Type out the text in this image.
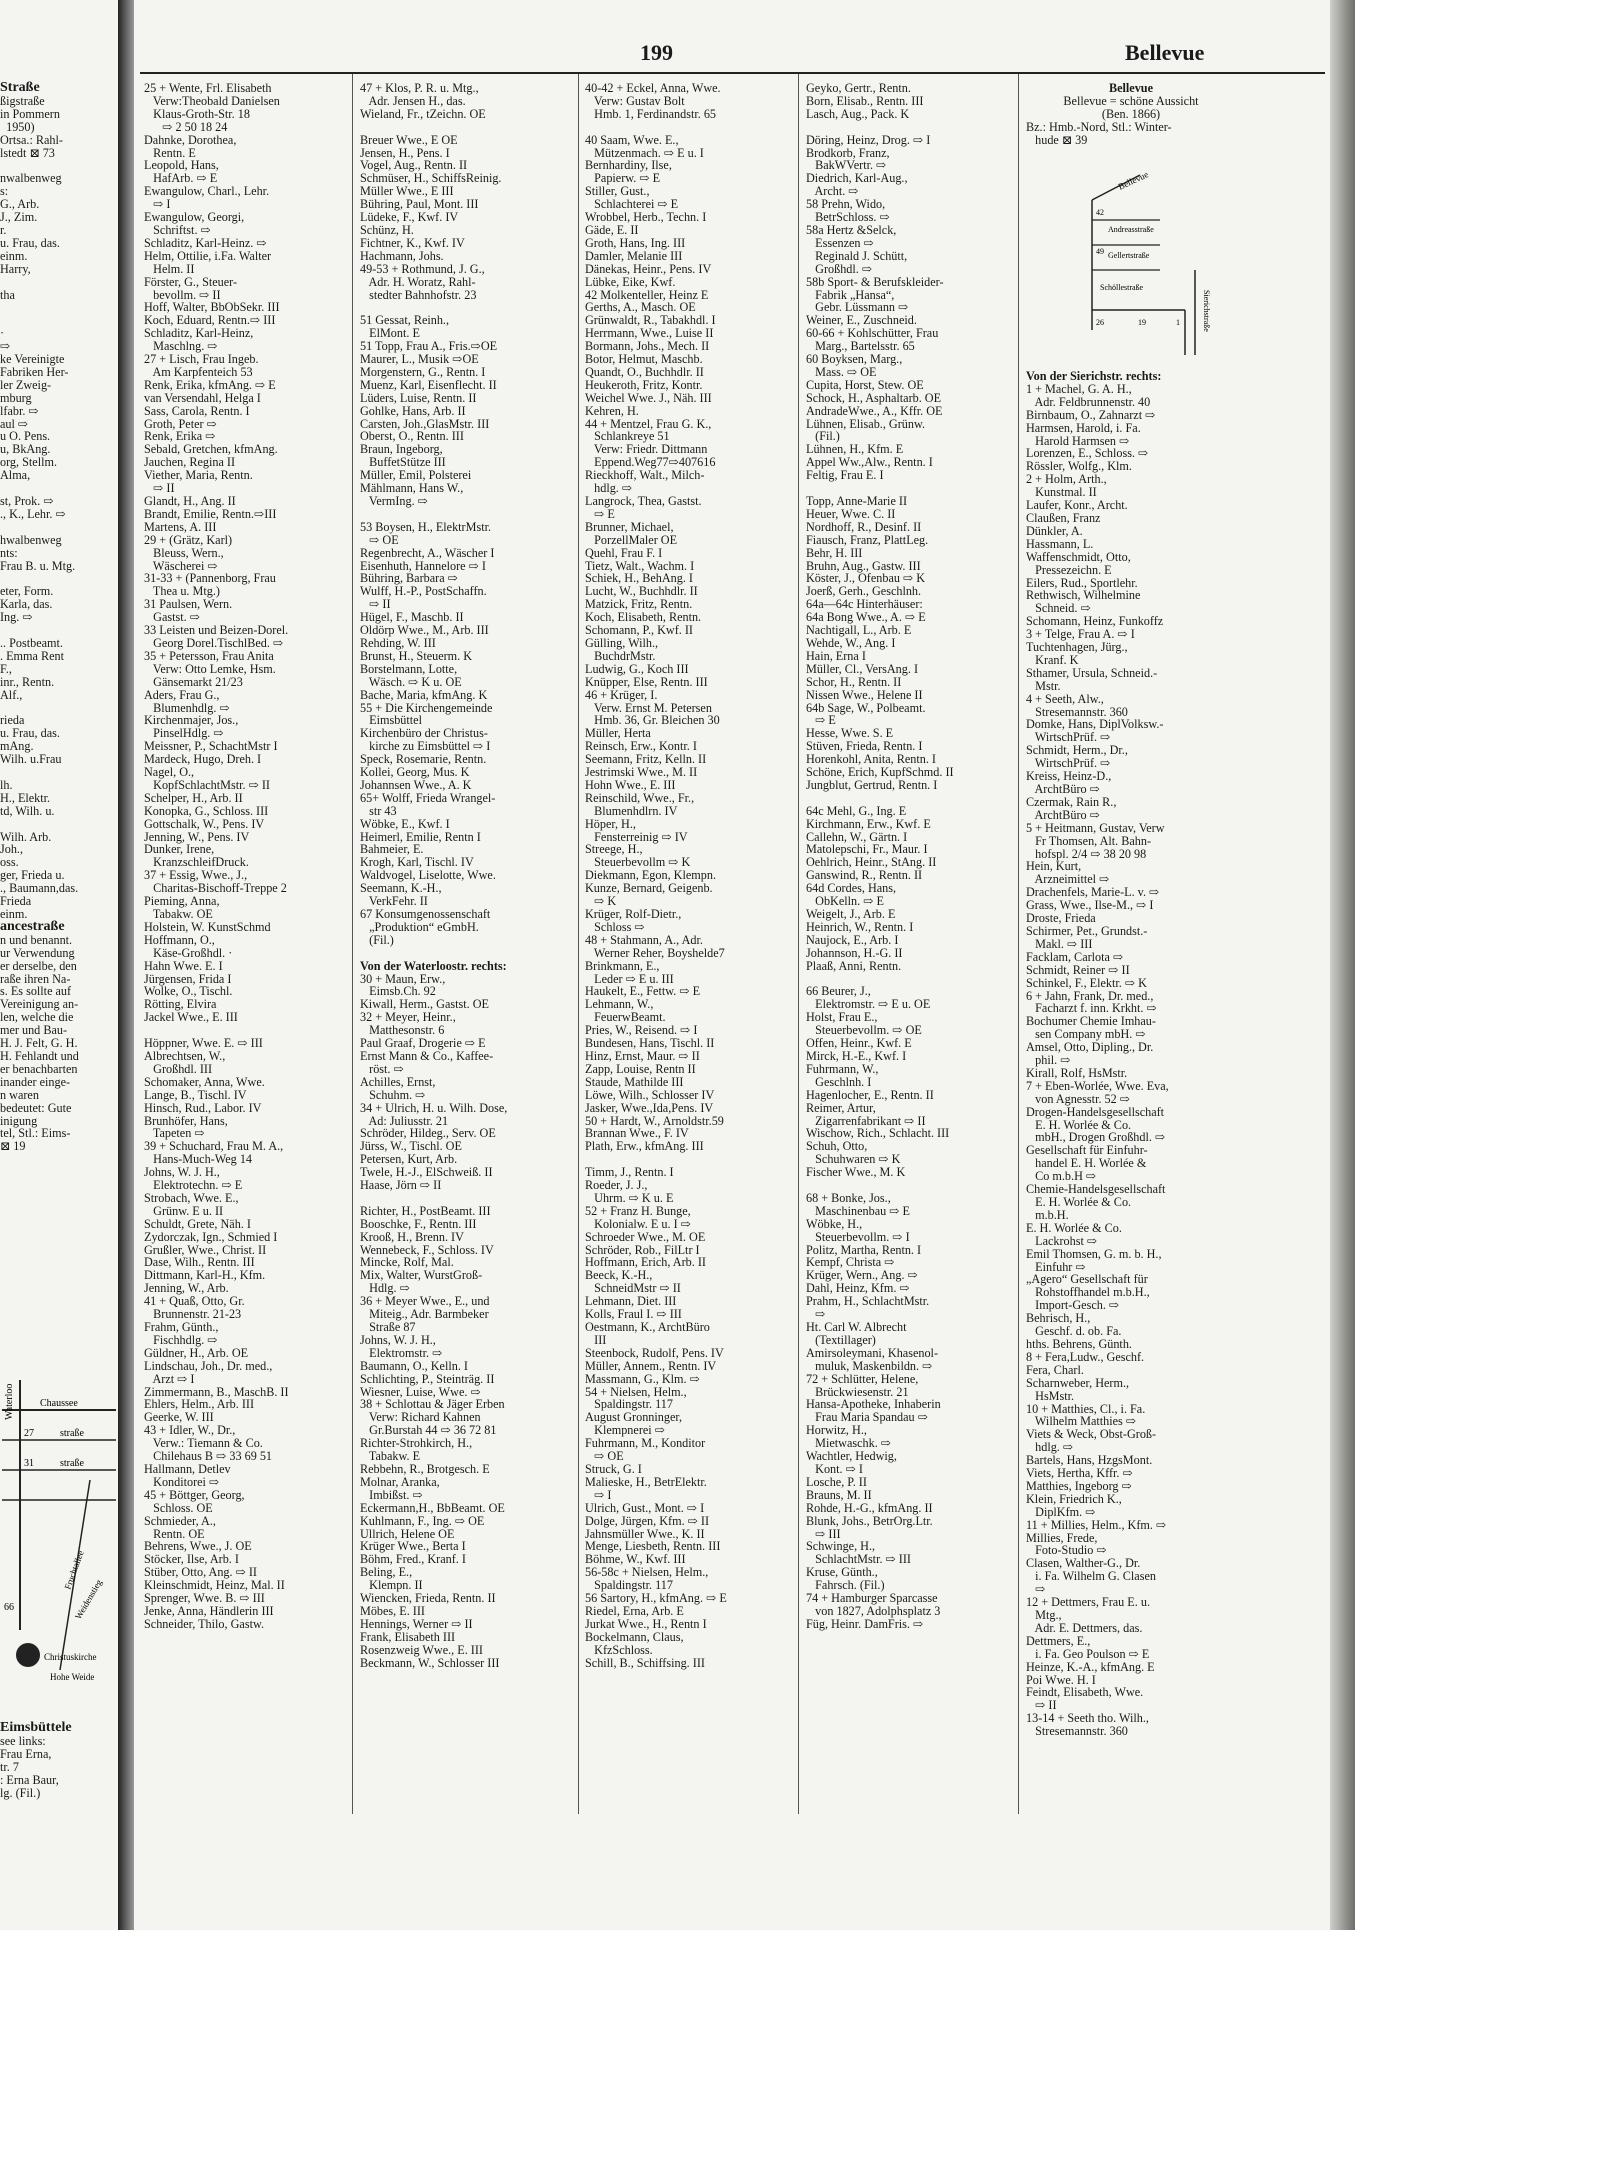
199	Bellevue
Straße
ßigstraße
in Pommern
1950)
Ortsa.: Rahl-
lstedt ⊠ 73

nwalbenweg
s:
G., Arb.
J., Zim.
r.
u. Frau, das.
einm.
Harry,

tha

·
⇨
ke Vereinigte
Fabriken Her-
ler Zweig-
mburg
lfabr. ⇨
aul ⇨
u O. Pens.
u, BkAng.
org, Stellm.
Alma,

st, Prok. ⇨
., K., Lehr. ⇨

hwalbenweg
nts:
Frau B. u. Mtg.

eter, Form.
Karla, das.
Ing. ⇨

.. Postbeamt.
. Emma Rent
F.,
inr., Rentn.
Alf.,

rieda
u. Frau, das.
mAng.
Wilh. u.Frau

lh.
H., Elektr.
td, Wilh. u.

Wilh. Arb.
Joh.,
oss.
ger, Frieda u.
., Baumann,das.
Frieda
einm.
ancestraße
n und benannt.
ur Verwendung
er derselbe, den
raße ihren Na-
s. Es sollte auf
Vereinigung an-
len, welche die
mer und Bau-
H. J. Felt, G. H.
H. Fehlandt und
er benachbarten
inander einge-
n waren
bedeutet: Gute
inigung
tel, Stl.: Eims-
⊠ 19
Waterloo	Chaussee
27	straße
31	straße
66
Fruchtallee
Weidenstieg
Christuskirche
Hohe Weide
Eimsbüttele
see links:
Frau Erna,
tr. 7
: Erna Baur,
lg. (Fil.)
25 + Wente, Frl. Elisabeth
Verw:Theobald Danielsen
Klaus-Groth-Str. 18
⇨ 2 50 18 24
Dahnke, Dorothea,
Rentn. E
Leopold, Hans,
HafArb. ⇨ E
Ewangulow, Charl., Lehr.
⇨ I
Ewangulow, Georgi,
Schriftst. ⇨
Schladitz, Karl-Heinz. ⇨
Helm, Ottilie, i.Fa. Walter
Helm. II
Förster, G., Steuer-
bevollm. ⇨ II
Hoff, Walter, BbObSekr. III
Koch, Eduard, Rentn.⇨ III
Schladitz, Karl-Heinz,
Maschlng. ⇨
27 + Lisch, Frau Ingeb.
Am Karpfenteich 53
Renk, Erika, kfmAng. ⇨ E
van Versendahl, Helga I
Sass, Carola, Rentn. I
Groth, Peter ⇨
Renk, Erika ⇨
Sebald, Gretchen, kfmAng.
Jauchen, Regina II
Viether, Maria, Rentn.
⇨ II
Glandt, H., Ang. II
Brandt, Emilie, Rentn.⇨III
Martens, A. III
29 + (Grätz, Karl)
Bleuss, Wern.,
Wäscherei ⇨
31-33 + (Pannenborg, Frau
Thea u. Mtg.)
31 Paulsen, Wern.
Gastst. ⇨
33 Leisten und Beizen-Dorel.
Georg Dorel.TischlBed. ⇨
35 + Petersson, Frau Anita
Verw: Otto Lemke, Hsm.
Gänsemarkt 21/23
Aders, Frau G.,
Blumenhdlg. ⇨
Kirchenmajer, Jos.,
PinselHdlg. ⇨
Meissner, P., SchachtMstr I
Mardeck, Hugo, Dreh. I
Nagel, O.,
KopfSchlachtMstr. ⇨ II
Schelper, H., Arb. II
Konopka, G., Schloss. III
Gottschalk, W., Pens. IV
Jenning, W., Pens. IV
Dunker, Irene,
KranzschleifDruck.
37 + Essig, Wwe., J.,
Charitas-Bischoff-Treppe 2
Pieming, Anna,
Tabakw. OE
Holstein, W. KunstSchmd
Hoffmann, O.,
Käse-Großhdl. ·
Hahn Wwe. E. I
Jürgensen, Frida I
Wolke, O., Tischl.
Rötting, Elvira
Jackel Wwe., E. III

Höppner, Wwe. E. ⇨ III
Albrechtsen, W.,
Großhdl. III
Schomaker, Anna, Wwe.
Lange, B., Tischl. IV
Hinsch, Rud., Labor. IV
Brunhöfer, Hans,
Tapeten ⇨
39 + Schuchard, Frau M. A.,
Hans-Much-Weg 14
Johns, W. J. H.,
Elektrotechn. ⇨ E
Strobach, Wwe. E.,
Grünw. E u. II
Schuldt, Grete, Näh. I
Zydorczak, Ign., Schmied I
Grußler, Wwe., Christ. II
Dase, Wilh., Rentn. III
Dittmann, Karl-H., Kfm.
Jenning, W., Arb.
41 + Quaß, Otto, Gr.
Brunnenstr. 21-23
Frahm, Günth.,
Fischhdlg. ⇨
Güldner, H., Arb. OE
Lindschau, Joh., Dr. med.,
Arzt ⇨ I
Zimmermann, B., MaschB. II
Ehlers, Helm., Arb. III
Geerke, W. III
43 + Idler, W., Dr.,
Verw.: Tiemann & Co.
Chilehaus B ⇨ 33 69 51
Hallmann, Detlev
Konditorei ⇨
45 + Böttger, Georg,
Schloss. OE
Schmieder, A.,
Rentn. OE
Behrens, Wwe., J. OE
Stöcker, Ilse, Arb. I
Stüber, Otto, Ang. ⇨ II
Kleinschmidt, Heinz, Mal. II
Sprenger, Wwe. B. ⇨ III
Jenke, Anna, Händlerin III
Schneider, Thilo, Gastw.
47 + Klos, P. R. u. Mtg.,
Adr. Jensen H., das.
Wieland, Fr., tZeichn. OE

Breuer Wwe., E OE
Jensen, H., Pens. I
Vogel, Aug., Rentn. II
Schmüser, H., SchiffsReinig.
Müller Wwe., E III
Bühring, Paul, Mont. III
Lüdeke, F., Kwf. IV
Schünz, H.
Fichtner, K., Kwf. IV
Hachmann, Johs.
49-53 + Rothmund, J. G.,
Adr. H. Woratz, Rahl-
stedter Bahnhofstr. 23

51 Gessat, Reinh.,
ElMont. E
51 Topp, Frau A., Fris.⇨OE
Maurer, L., Musik ⇨OE
Morgenstern, G., Rentn. I
Muenz, Karl, Eisenflecht. II
Lüders, Luise, Rentn. II
Gohlke, Hans, Arb. II
Carsten, Joh.,GlasMstr. III
Oberst, O., Rentn. III
Braun, Ingeborg,
BuffetStütze III
Müller, Emil, Polsterei
Mählmann, Hans W.,
VermIng. ⇨

53 Boysen, H., ElektrMstr.
⇨ OE
Regenbrecht, A., Wäscher I
Eisenhuth, Hannelore ⇨ I
Bühring, Barbara ⇨
Wulff, H.-P., PostSchaffn.
⇨ II
Hügel, F., Maschb. II
Oldörp Wwe., M., Arb. III
Rehding, W. III
Brunst, H., Steuerm. K
Borstelmann, Lotte,
Wäsch. ⇨ K u. OE
Bache, Maria, kfmAng. K
55 + Die Kirchengemeinde
Eimsbüttel
Kirchenbüro der Christus-
kirche zu Eimsbüttel ⇨ I
Speck, Rosemarie, Rentn.
Kollei, Georg, Mus. K
Johannsen Wwe., A. K
65+ Wolff, Frieda Wrangel-
str 43
Wöbke, E., Kwf. I
Heimerl, Emilie, Rentn I
Bahmeier, E.
Krogh, Karl, Tischl. IV
Waldvogel, Liselotte, Wwe.
Seemann, K.-H.,
VerkFehr. II
67 Konsumgenossenschaft
„Produktion“ eGmbH.
(Fil.)

Von der Waterloostr. rechts:
30 + Maun, Erw.,
Eimsb.Ch. 92
Kiwall, Herm., Gastst. OE
32 + Meyer, Heinr.,
Matthesonstr. 6
Paul Graaf, Drogerie ⇨ E
Ernst Mann & Co., Kaffee-
röst. ⇨
Achilles, Ernst,
Schuhm. ⇨
34 + Ulrich, H. u. Wilh. Dose,
Ad: Juliusstr. 21
Schröder, Hildeg., Serv. OE
Jürss, W., Tischl. OE
Petersen, Kurt, Arb.
Twele, H.-J., ElSchweiß. II
Haase, Jörn ⇨ II

Richter, H., PostBeamt. III
Booschke, F., Rentn. III
Krooß, H., Brenn. IV
Wennebeck, F., Schloss. IV
Mincke, Rolf, Mal.
Mix, Walter, WurstGroß-
Hdlg. ⇨
36 + Meyer Wwe., E., und
Miteig., Adr. Barmbeker
Straße 87
Johns, W. J. H.,
Elektromstr. ⇨
Baumann, O., Kelln. I
Schlichting, P., Steinträg. II
Wiesner, Luise, Wwe. ⇨
38 + Schlottau & Jäger Erben
Verw: Richard Kahnen
Gr.Burstah 44 ⇨ 36 72 81
Richter-Strohkirch, H.,
Tabakw. E
Rebbehn, R., Brotgesch. E
Molnar, Aranka,
Imbißst. ⇨
Eckermann,H., BbBeamt. OE
Kuhlmann, F., Ing. ⇨ OE
Ullrich, Helene OE
Krüger Wwe., Berta I
Böhm, Fred., Kranf. I
Beling, E.,
Klempn. II
Wiencken, Frieda, Rentn. II
Möbes, E. III
Hennings, Werner ⇨ II
Frank, Elisabeth III
Rosenzweig Wwe., E. III
Beckmann, W., Schlosser III
40-42 + Eckel, Anna, Wwe.
Verw: Gustav Bolt
Hmb. 1, Ferdinandstr. 65

40 Saam, Wwe. E.,
Mützenmach. ⇨ E u. I
Bernhardiny, Ilse,
Papierw. ⇨ E
Stiller, Gust.,
Schlachterei ⇨ E
Wrobbel, Herb., Techn. I
Gäde, E. II
Groth, Hans, Ing. III
Damler, Melanie III
Dänekas, Heinr., Pens. IV
Lübke, Eike, Kwf.
42 Molkenteller, Heinz E
Gerths, A., Masch. OE
Grünwaldt, R., Tabakhdl. I
Herrmann, Wwe., Luise II
Bormann, Johs., Mech. II
Botor, Helmut, Maschb.
Quandt, O., Buchhdlr. II
Heukeroth, Fritz, Kontr.
Weichel Wwe. J., Näh. III
Kehren, H.
44 + Mentzel, Frau G. K.,
Schlankreye 51
Verw: Friedr. Dittmann
Eppend.Weg77⇨407616
Rieckhoff, Walt., Milch-
hdlg. ⇨
Langrock, Thea, Gastst.
⇨ E
Brunner, Michael,
PorzellMaler OE
Quehl, Frau F. I
Tietz, Walt., Wachm. I
Schiek, H., BehAng. I
Lucht, W., Buchhdlr. II
Matzick, Fritz, Rentn.
Koch, Elisabeth, Rentn.
Schomann, P., Kwf. II
Gülling, Wilh.,
BuchdrMstr.
Ludwig, G., Koch III
Knüpper, Else, Rentn. III
46 + Krüger, I.
Verw. Ernst M. Petersen
Hmb. 36, Gr. Bleichen 30
Müller, Herta
Reinsch, Erw., Kontr. I
Seemann, Fritz, Kelln. II
Jestrimski Wwe., M. II
Hohn Wwe., E. III
Reinschild, Wwe., Fr.,
Blumenhdlrn. IV
Höper, H.,
Fensterreinig ⇨ IV
Streege, H.,
Steuerbevollm ⇨ K
Diekmann, Egon, Klempn.
Kunze, Bernard, Geigenb.
⇨ K
Krüger, Rolf-Dietr.,
Schloss ⇨
48 + Stahmann, A., Adr.
Werner Reher, Boyshelde7
Brinkmann, E.,
Leder ⇨ E u. III
Haukelt, E., Fettw. ⇨ E
Lehmann, W.,
FeuerwBeamt.
Pries, W., Reisend. ⇨ I
Bundesen, Hans, Tischl. II
Hinz, Ernst, Maur. ⇨ II
Zapp, Louise, Rentn II
Staude, Mathilde III
Löwe, Wilh., Schlosser IV
Jasker, Wwe.,Ida,Pens. IV
50 + Hardt, W., Arnoldstr.59
Brannan Wwe., F. IV
Plath, Erw., kfmAng. III

Timm, J., Rentn. I
Roeder, J. J.,
Uhrm. ⇨ K u. E
52 + Franz H. Bunge,
Kolonialw. E u. I ⇨
Schroeder Wwe., M. OE
Schröder, Rob., FilLtr I
Hoffmann, Erich, Arb. II
Beeck, K.-H.,
SchneidMstr ⇨ II
Lehmann, Diet. III
Kolls, Fraul I. ⇨ III
Oestmann, K., ArchtBüro
III
Steenbock, Rudolf, Pens. IV
Müller, Annem., Rentn. IV
Massmann, G., Klm. ⇨
54 + Nielsen, Helm.,
Spaldingstr. 117
August Gronninger,
Klempnerei ⇨
Fuhrmann, M., Konditor
⇨ OE
Struck, G. I
Malieske, H., BetrElektr.
⇨ I
Ulrich, Gust., Mont. ⇨ I
Dolge, Jürgen, Kfm. ⇨ II
Jahnsmüller Wwe., K. II
Menge, Liesbeth, Rentn. III
Böhme, W., Kwf. III
56-58c + Nielsen, Helm.,
Spaldingstr. 117
56 Sartory, H., kfmAng. ⇨ E
Riedel, Erna, Arb. E
Jurkat Wwe., H., Rentn I
Bockelmann, Claus,
KfzSchloss.
Schill, B., Schiffsing. III
Geyko, Gertr., Rentn.
Born, Elisab., Rentn. III
Lasch, Aug., Pack. K

Döring, Heinz, Drog. ⇨ I
Brodkorb, Franz,
BakWVertr. ⇨
Diedrich, Karl-Aug.,
Archt. ⇨
58 Prehn, Wido,
BetrSchloss. ⇨
58a Hertz &Selck,
Essenzen ⇨
Reginald J. Schütt,
Großhdl. ⇨
58b Sport- & Berufskleider-
Fabrik „Hansa“,
Gebr. Lüssmann ⇨
Weiner, E., Zuschneid.
60-66 + Kohlschütter, Frau
Marg., Bartelsstr. 65
60 Boyksen, Marg.,
Mass. ⇨ OE
Cupita, Horst, Stew. OE
Schock, H., Asphaltarb. OE
AndradeWwe., A., Kffr. OE
Lühnen, Elisab., Grünw.
(Fil.)
Lühnen, H., Kfm. E
Appel Ww.,Alw., Rentn. I
Feltig, Frau E. I

Topp, Anne-Marie II
Heuer, Wwe. C. II
Nordhoff, R., Desinf. II
Fiausch, Franz, PlattLeg.
Behr, H. III
Bruhn, Aug., Gastw. III
Köster, J., Ofenbau ⇨ K
Joerß, Gerh., Geschlnh.
64a—64c Hinterhäuser:
64a Bong Wwe., A. ⇨ E
Nachtigall, L., Arb. E
Wehde, W., Ang. I
Hain, Erna I
Müller, Cl., VersAng. I
Schor, H., Rentn. II
Nissen Wwe., Helene II
64b Sage, W., Polbeamt.
⇨ E
Hesse, Wwe. S. E
Stüven, Frieda, Rentn. I
Horenkohl, Anita, Rentn. I
Schöne, Erich, KupfSchmd. II
Jungblut, Gertrud, Rentn. I

64c Mehl, G., Ing. E
Kirchmann, Erw., Kwf. E
Callehn, W., Gärtn. I
Matolepschi, Fr., Maur. I
Oehlrich, Heinr., StAng. II
Ganswind, R., Rentn. II
64d Cordes, Hans,
ObKelln. ⇨ E
Weigelt, J., Arb. E
Heinrich, W., Rentn. I
Naujock, E., Arb. I
Johannson, H.-G. II
Plaaß, Anni, Rentn.

66 Beurer, J.,
Elektromstr. ⇨ E u. OE
Holst, Frau E.,
Steuerbevollm. ⇨ OE
Offen, Heinr., Kwf. E
Mirck, H.-E., Kwf. I
Fuhrmann, W.,
Geschlnh. I
Hagenlocher, E., Rentn. II
Reimer, Artur,
Zigarrenfabrikant ⇨ II
Wischow, Rich., Schlacht. III
Schuh, Otto,
Schuhwaren ⇨ K
Fischer Wwe., M. K

68 + Bonke, Jos.,
Maschinenbau ⇨ E
Wöbke, H.,
Steuerbevollm. ⇨ I
Politz, Martha, Rentn. I
Kempf, Christa ⇨
Krüger, Wern., Ang. ⇨
Dahl, Heinz, Kfm. ⇨
Prahm, H., SchlachtMstr.
⇨
Ht. Carl W. Albrecht
(Textillager)
Amirsoleymani, Khasenol-
muluk, Maskenbildn. ⇨
72 + Schlütter, Helene,
Brückwiesenstr. 21
Hansa-Apotheke, Inhaberin
Frau Maria Spandau ⇨
Horwitz, H.,
Mietwaschk. ⇨
Wachtler, Hedwig,
Kont. ⇨ I
Losche, P. II
Brauns, M. II
Rohde, H.-G., kfmAng. II
Blunk, Johs., BetrOrg.Ltr.
⇨ III
Schwinge, H.,
SchlachtMstr. ⇨ III
Kruse, Günth.,
Fahrsch. (Fil.)
74 + Hamburger Sparcasse
von 1827, Adolphsplatz 3
Füg, Heinr. DamFris. ⇨
Bellevue
Bellevue = schöne Aussicht
(Ben. 1866)
Bz.: Hmb.-Nord, Stl.: Winter-
hude ⊠ 39
Bellevue
42
Andreasstraße
49 Gellertstraße
Schöllestraße
26	19	1	Sierichstraße
Von der Sierichstr. rechts:
1 + Machel, G. A. H.,
Adr. Feldbrunnenstr. 40
Birnbaum, O., Zahnarzt ⇨
Harmsen, Harold, i. Fa.
Harold Harmsen ⇨
Lorenzen, E., Schloss. ⇨
Rössler, Wolfg., Klm.
2 + Holm, Arth.,
Kunstmal. II
Laufer, Konr., Archt.
Claußen, Franz
Dünkler, A.
Hassmann, L.
Waffenschmidt, Otto,
Pressezeichn. E
Eilers, Rud., Sportlehr.
Rethwisch, Wilhelmine
Schneid. ⇨
Schomann, Heinz, Funkoffz
3 + Telge, Frau A. ⇨ I
Tuchtenhagen, Jürg.,
Kranf. K
Sthamer, Ursula, Schneid.-
Mstr.
4 + Seeth, Alw.,
Stresemannstr. 360
Domke, Hans, DiplVolksw.-
WirtschPrüf. ⇨
Schmidt, Herm., Dr.,
WirtschPrüf. ⇨
Kreiss, Heinz-D.,
ArchtBüro ⇨
Czermak, Rain R.,
ArchtBüro ⇨
5 + Heitmann, Gustav, Verw
Fr Thomsen, Alt. Bahn-
hofspl. 2/4 ⇨ 38 20 98
Hein, Kurt,
Arzneimittel ⇨
Drachenfels, Marie-L. v. ⇨
Grass, Wwe., Ilse-M., ⇨ I
Droste, Frieda
Schirmer, Pet., Grundst.-
Makl. ⇨ III
Facklam, Carlota ⇨
Schmidt, Reiner ⇨ II
Schinkel, F., Elektr. ⇨ K
6 + Jahn, Frank, Dr. med.,
Facharzt f. inn. Krkht. ⇨
Bochumer Chemie Imhau-
sen Company mbH. ⇨
Amsel, Otto, Dipling., Dr.
phil. ⇨
Kirall, Rolf, HsMstr.
7 + Eben-Worlée, Wwe. Eva,
von Agnesstr. 52 ⇨
Drogen-Handelsgesellschaft
E. H. Worlée & Co.
mbH., Drogen Großhdl. ⇨
Gesellschaft für Einfuhr-
handel E. H. Worlée &
Co m.b.H ⇨
Chemie-Handelsgesellschaft
E. H. Worlée & Co.
m.b.H.
E. H. Worlée & Co.
Lackrohst ⇨
Emil Thomsen, G. m. b. H.,
Einfuhr ⇨
„Agero“ Gesellschaft für
Rohstoffhandel m.b.H.,
Import-Gesch. ⇨
Behrisch, H.,
Geschf. d. ob. Fa.
hths. Behrens, Günth.
8 + Fera,Ludw., Geschf.
Fera, Charl.
Scharnweber, Herm.,
HsMstr.
10 + Matthies, Cl., i. Fa.
Wilhelm Matthies ⇨
Viets & Weck, Obst-Groß-
hdlg. ⇨
Bartels, Hans, HzgsMont.
Viets, Hertha, Kffr. ⇨
Matthies, Ingeborg ⇨
Klein, Friedrich K.,
DiplKfm. ⇨
11 + Millies, Helm., Kfm. ⇨
Millies, Frede,
Foto-Studio ⇨
Clasen, Walther-G., Dr.
i. Fa. Wilhelm G. Clasen
⇨
12 + Dettmers, Frau E. u.
Mtg.,
Adr. E. Dettmers, das.
Dettmers, E.,
i. Fa. Geo Poulson ⇨ E
Heinze, K.-A., kfmAng. E
Poi Wwe. H. I
Feindt, Elisabeth, Wwe.
⇨ II
13-14 + Seeth tho. Wilh.,
Stresemannstr. 360
